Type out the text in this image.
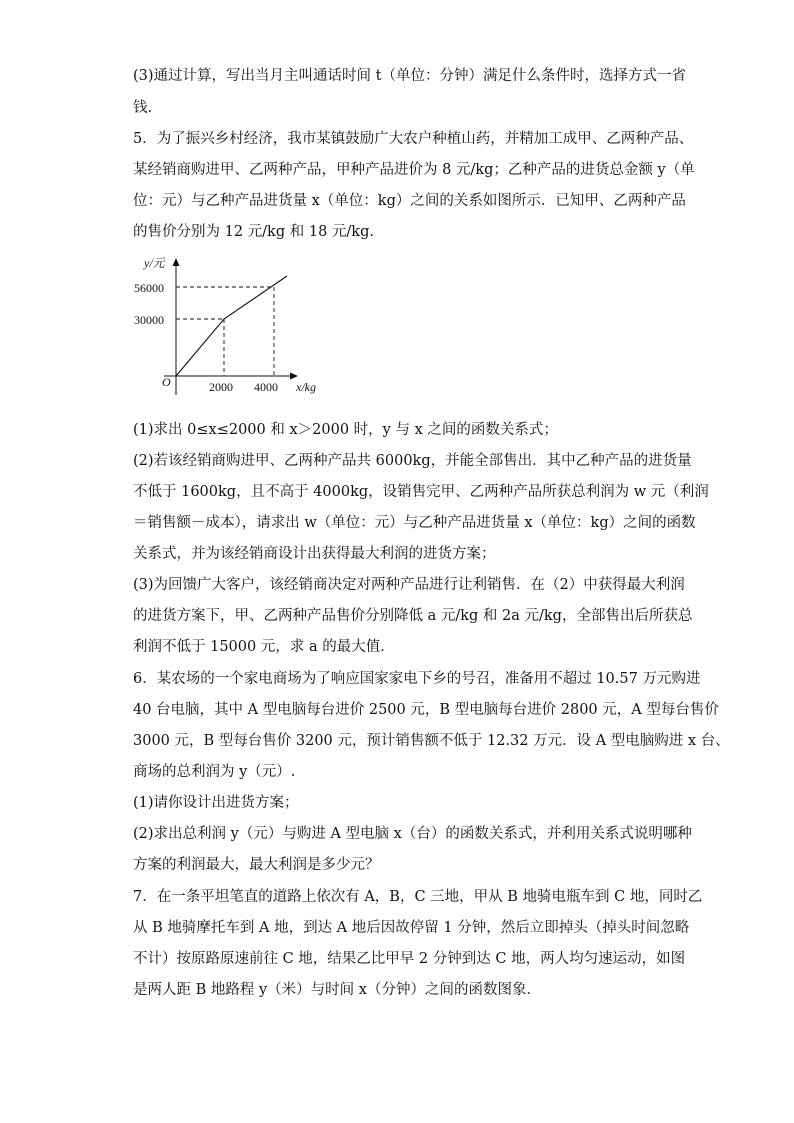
(3)通过计算，写出当月主叫通话时间 t（单位：分钟）满足什么条件时，选择方式一省
钱.
5．为了振兴乡村经济，我市某镇鼓励广大农户种植山药，并精加工成甲、乙两种产品、
某经销商购进甲、乙两种产品，甲种产品进价为 8 元/kg；乙种产品的进货总金额 y（单
位：元）与乙种产品进货量 x（单位：kg）之间的关系如图所示．已知甲、乙两种产品
的售价分别为 12 元/kg 和 18 元/kg.
y/元
56000
30000
O	2000 4000 x/kg
(1)求出 0≤x≤2000 和 x＞2000 时，y 与 x 之间的函数关系式；
(2)若该经销商购进甲、乙两种产品共 6000kg，并能全部售出．其中乙种产品的进货量
不低于 1600kg，且不高于 4000kg，设销售完甲、乙两种产品所获总利润为 w 元（利润
＝销售额－成本），请求出 w（单位：元）与乙种产品进货量 x（单位：kg）之间的函数
关系式，并为该经销商设计出获得最大利润的进货方案；
(3)为回馈广大客户，该经销商决定对两种产品进行让利销售．在（2）中获得最大利润
的进货方案下，甲、乙两种产品售价分别降低 a 元/kg 和 2a 元/kg，全部售出后所获总
利润不低于 15000 元，求 a 的最大值．
6．某农场的一个家电商场为了响应国家家电下乡的号召，准备用不超过 10.57 万元购进
40 台电脑，其中 A 型电脑每台进价 2500 元，B 型电脑每台进价 2800 元，A 型每台售价
3000 元，B 型每台售价 3200 元，预计销售额不低于 12.32 万元．设 A 型电脑购进 x 台、
商场的总利润为 y（元）.
(1)请你设计出进货方案；
(2)求出总利润 y（元）与购进 A 型电脑 x（台）的函数关系式，并利用关系式说明哪种
方案的利润最大，最大利润是多少元？
7．在一条平坦笔直的道路上依次有 A，B，C 三地，甲从 B 地骑电瓶车到 C 地，同时乙
从 B 地骑摩托车到 A 地，到达 A 地后因故停留 1 分钟，然后立即掉头（掉头时间忽略
不计）按原路原速前往 C 地，结果乙比甲早 2 分钟到达 C 地，两人均匀速运动，如图
是两人距 B 地路程 y（米）与时间 x（分钟）之间的函数图象．
